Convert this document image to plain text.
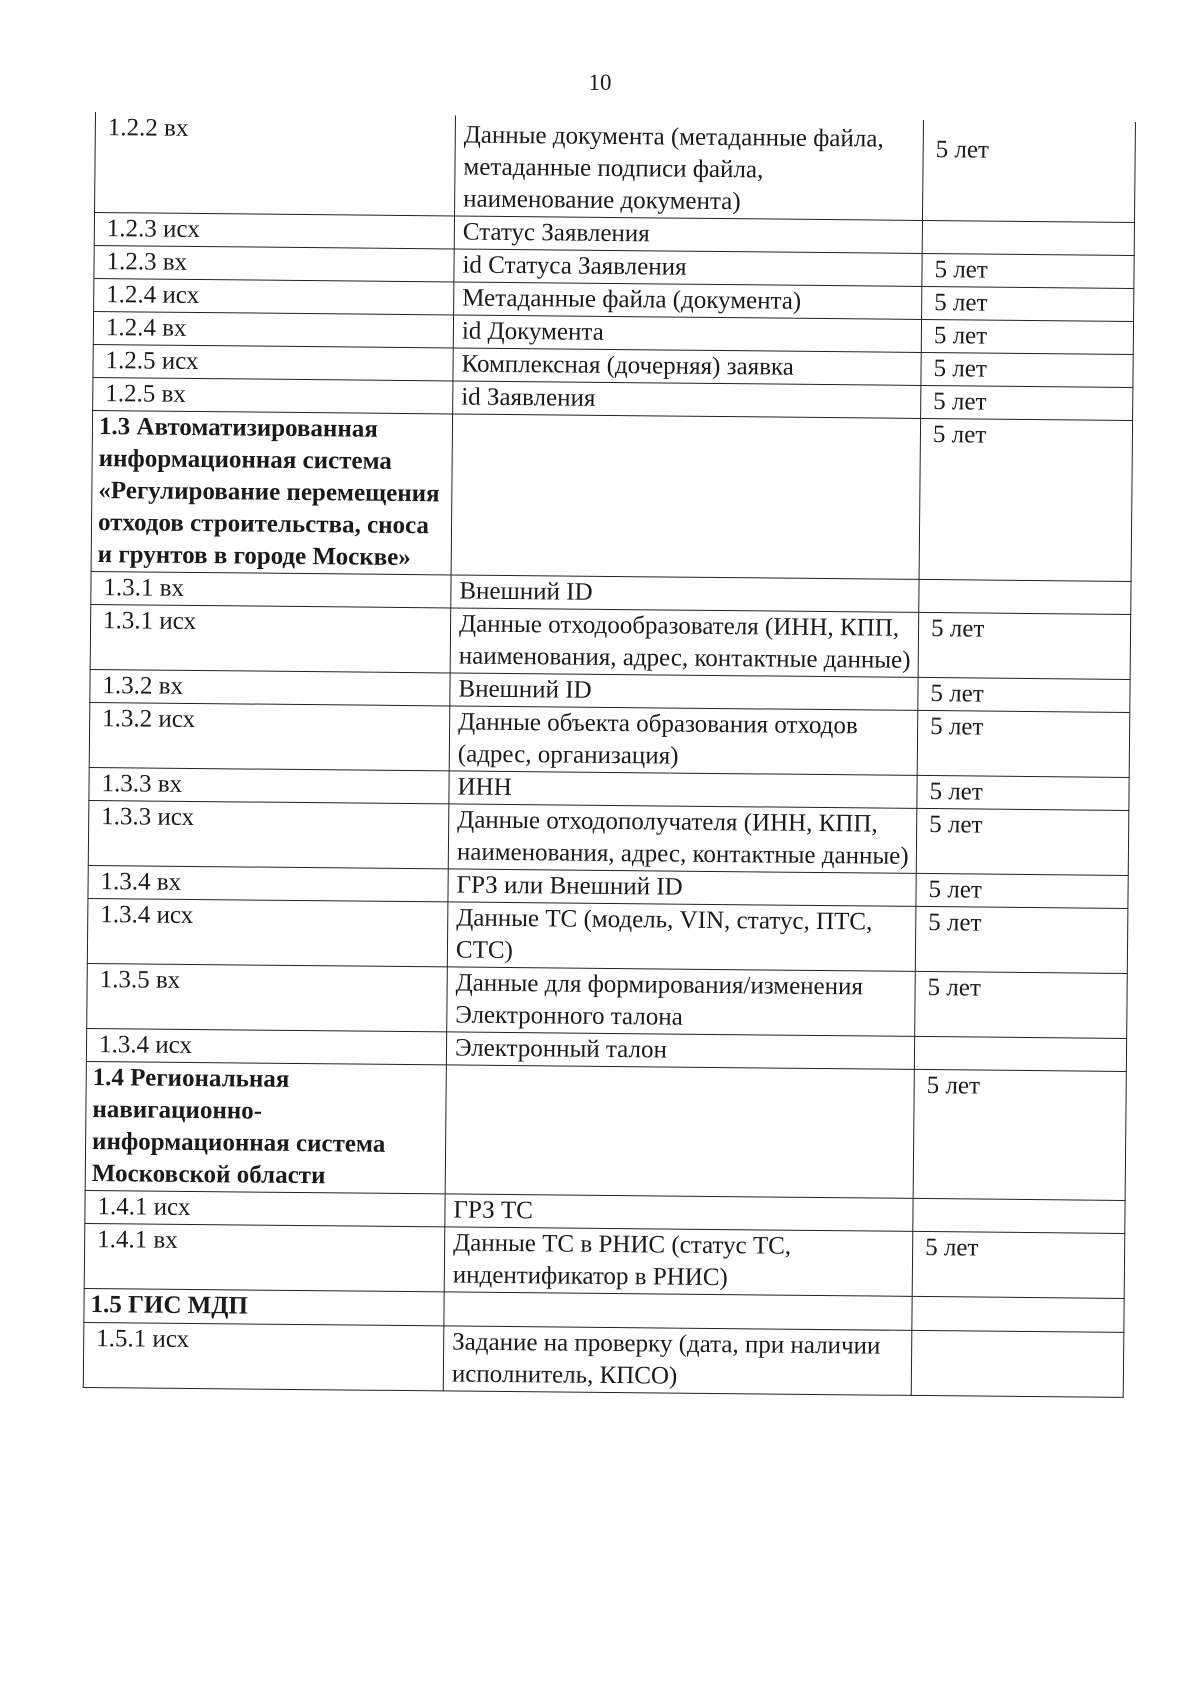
10
1.2.2 вх	Данные документа (метаданные файла, метаданные подписи файла, наименование документа)	5 лет
1.2.3 исх	Статус Заявления	
1.2.3 вх	id Статуса Заявления	5 лет
1.2.4 исх	Метаданные файла (документа)	5 лет
1.2.4 вх	id Документа	5 лет
1.2.5 исх	Комплексная (дочерняя) заявка	5 лет
1.2.5 вх	id Заявления	5 лет
1.3 Автоматизированная информационная система «Регулирование перемещения отходов строительства, сноса и грунтов в городе Москве»		5 лет
1.3.1 вх	Внешний ID	
1.3.1 исх	Данные отходообразователя (ИНН, КПП, наименования, адрес, контактные данные)	5 лет
1.3.2 вх	Внешний ID	5 лет
1.3.2 исх	Данные объекта образования отходов (адрес, организация)	5 лет
1.3.3 вх	ИНН	5 лет
1.3.3 исх	Данные отходополучателя (ИНН, КПП, наименования, адрес, контактные данные)	5 лет
1.3.4 вх	ГРЗ или Внешний ID	5 лет
1.3.4 исх	Данные ТС (модель, VIN, статус, ПТС, СТС)	5 лет
1.3.5 вх	Данные для формирования/изменения Электронного талона	5 лет
1.3.4 исх	Электронный талон	
1.4 Региональная навигационно-информационная система Московской области		5 лет
1.4.1 исх	ГРЗ ТС	
1.4.1 вх	Данные ТС в РНИС (статус ТС, индентификатор в РНИС)	5 лет
1.5 ГИС МДП		
1.5.1 исх	Задание на проверку (дата, при наличии исполнитель, КПСО)	
